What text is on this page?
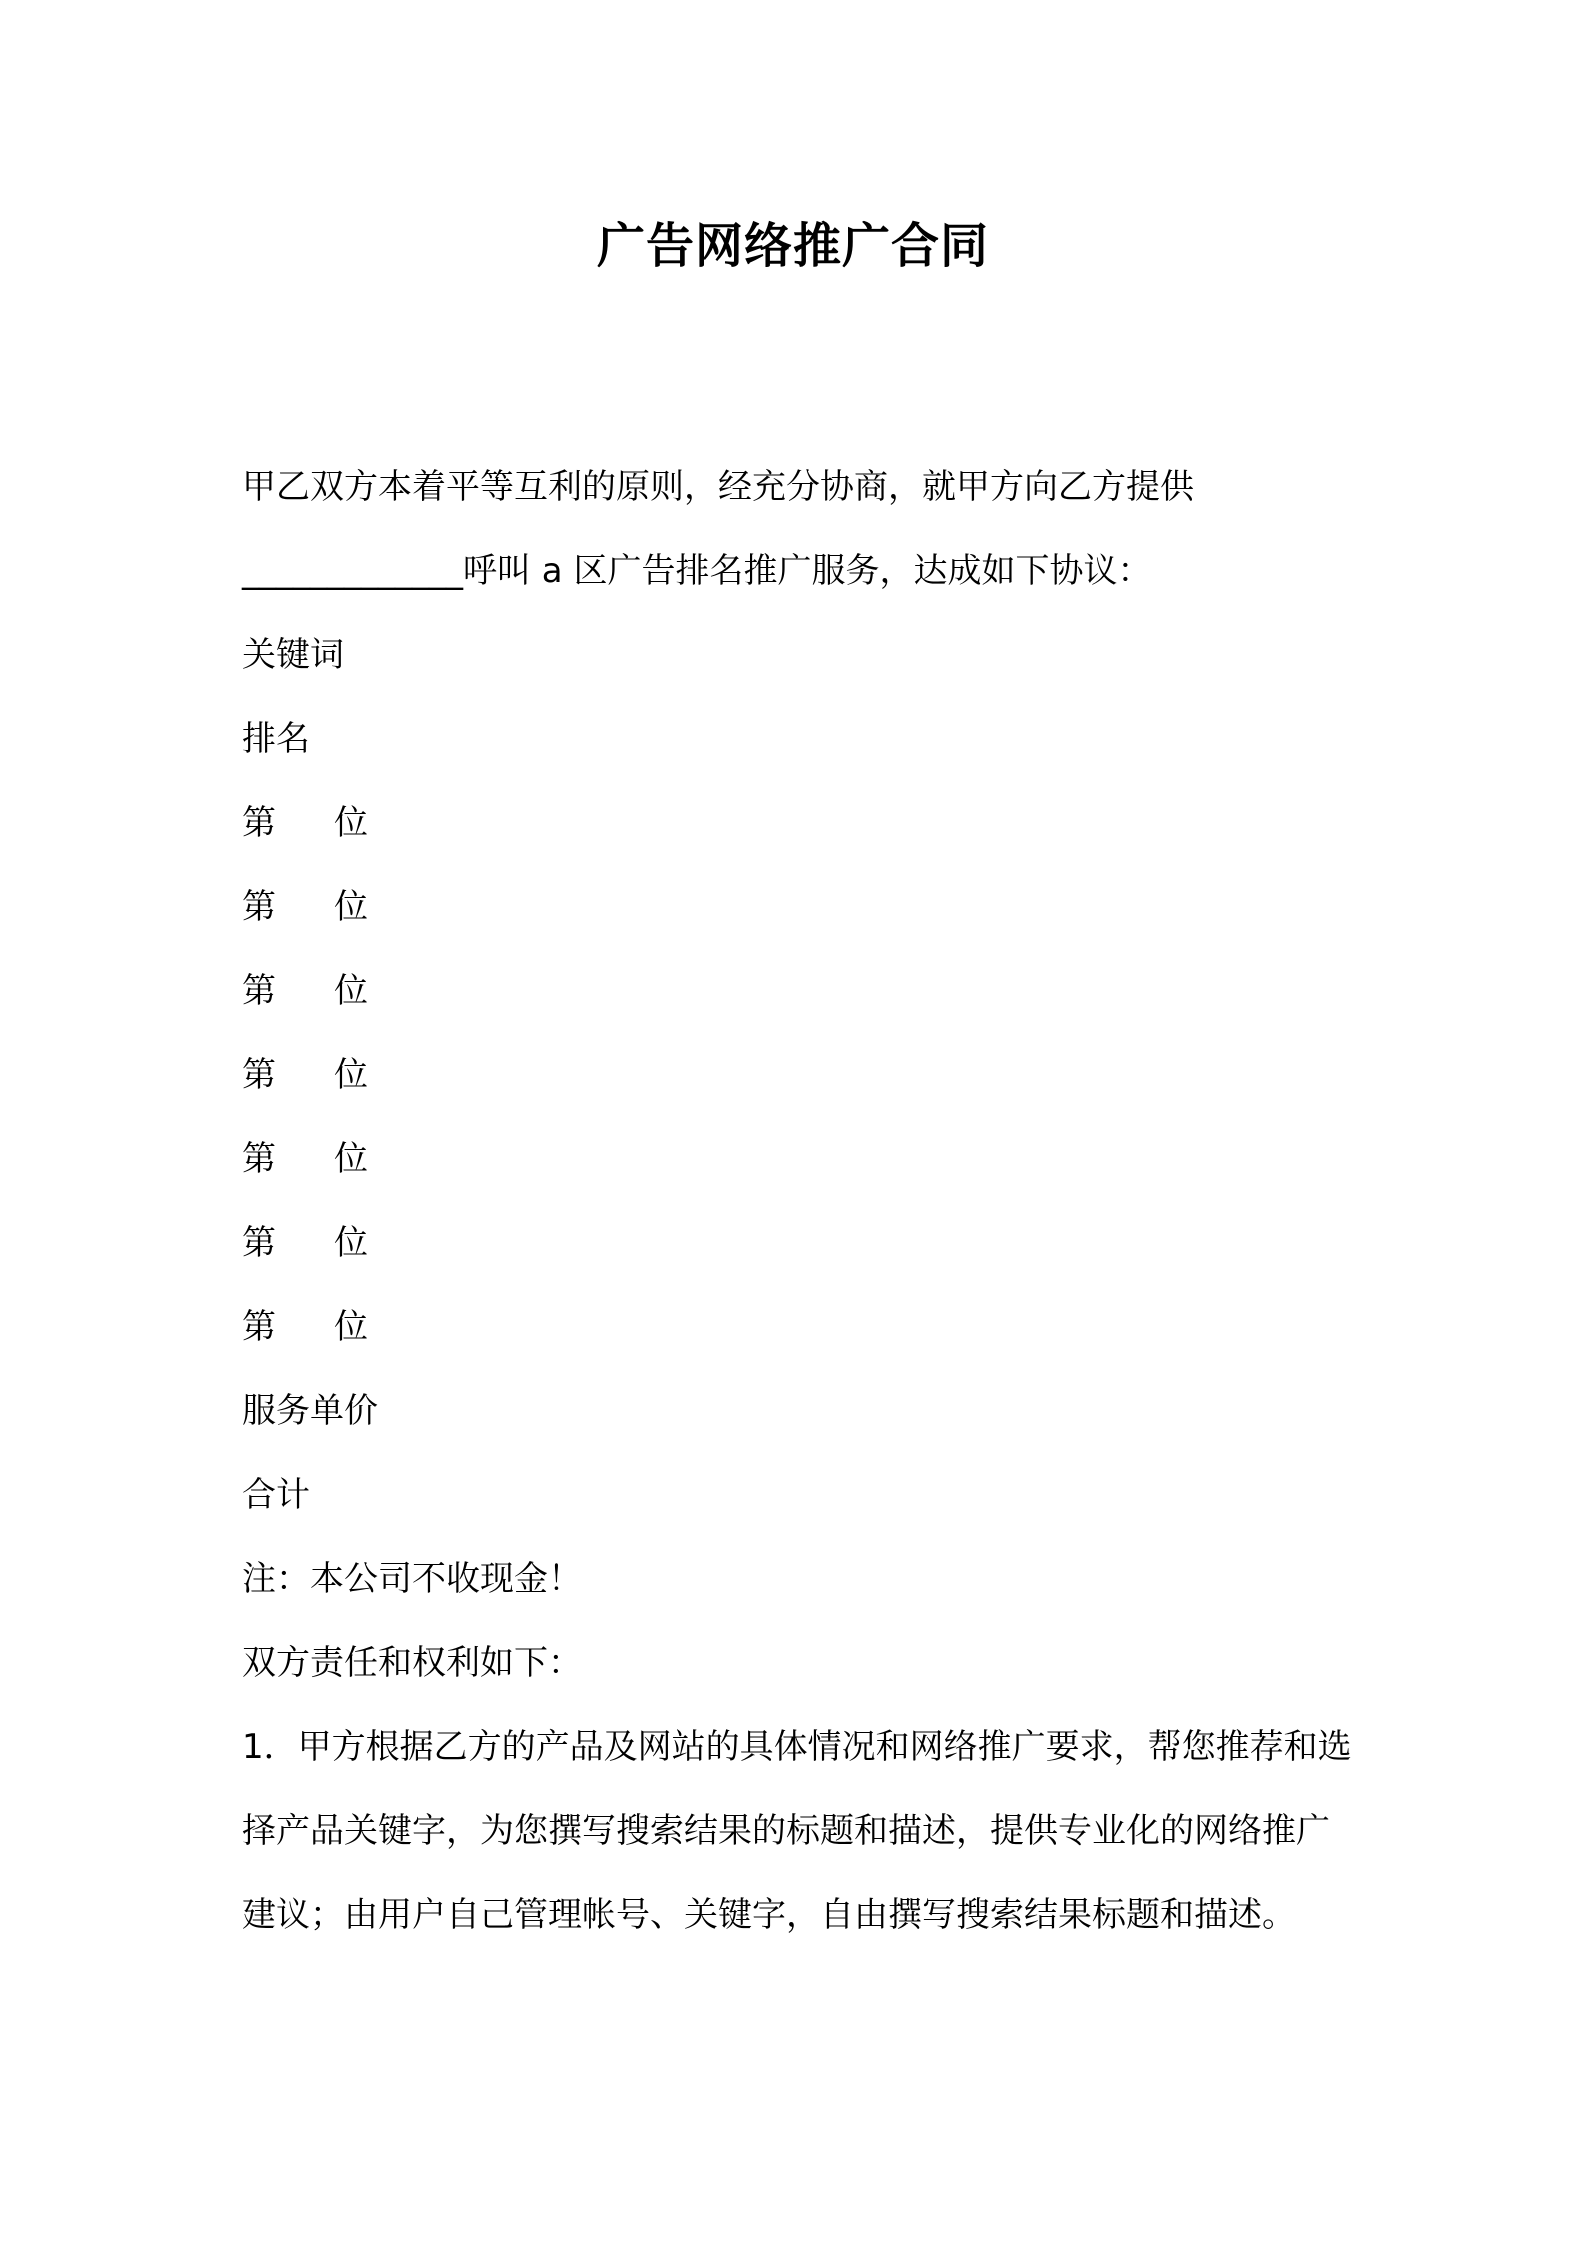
广告网络推广合同
甲乙双方本着平等互利的原则，经充分协商，就甲方向乙方提供
_____________呼叫 a 区广告排名推广服务，达成如下协议：
关键词
排名
第 位
第 位
第 位
第 位
第 位
第 位
第 位
服务单价
合计
注：本公司不收现金！
双方责任和权利如下：
1．甲方根据乙方的产品及网站的具体情况和网络推广要求，帮您推荐和选择产品关键字，为您撰写搜索结果的标题和描述，提供专业化的网络推广建议；由用户自己管理帐号、关键字，自由撰写搜索结果标题和描述。
